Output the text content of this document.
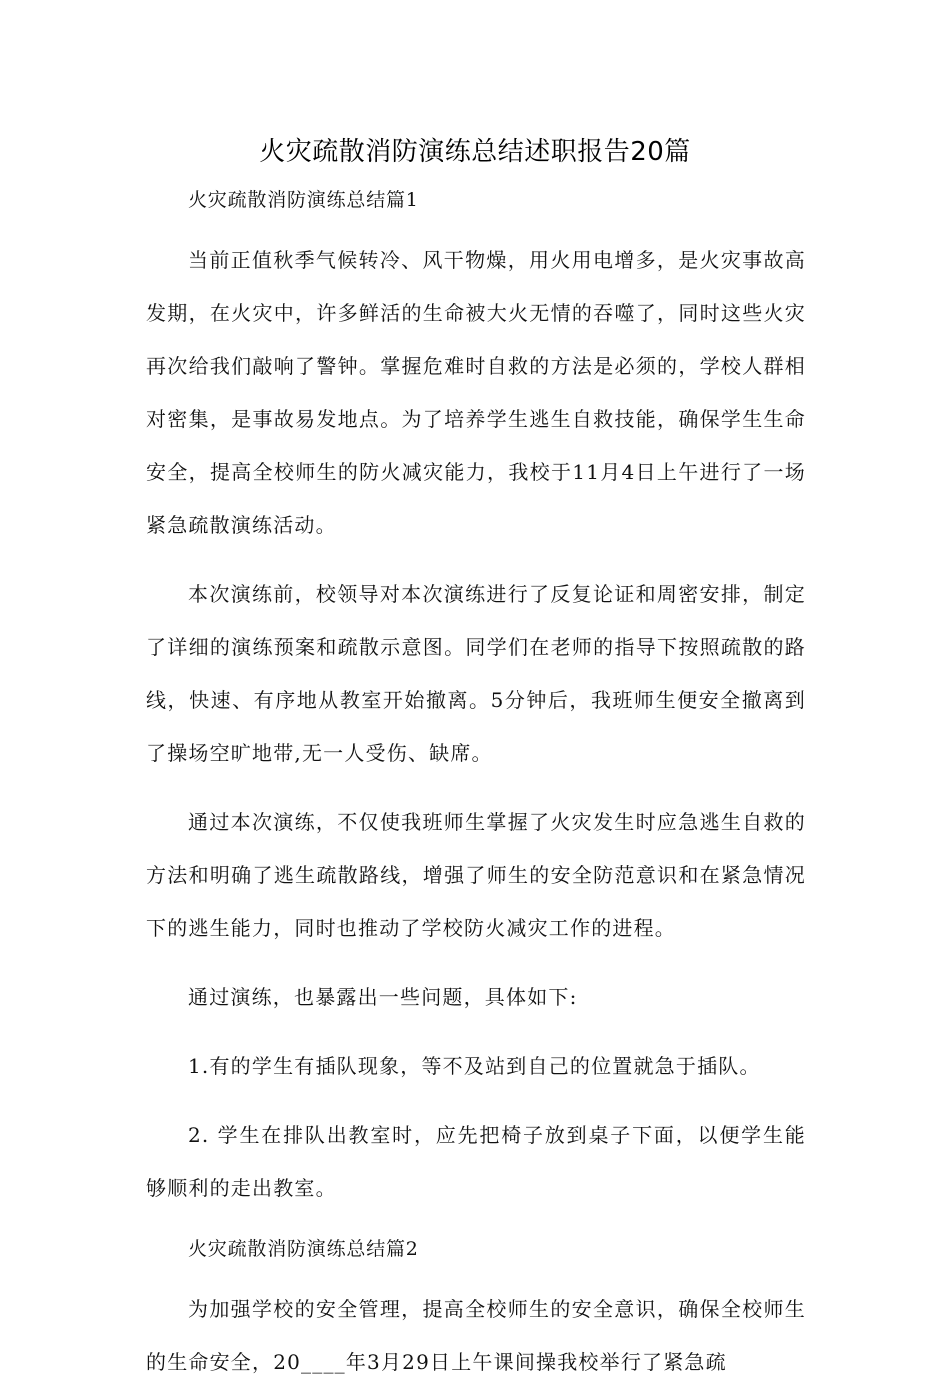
火灾疏散消防演练总结述职报告20篇
火灾疏散消防演练总结篇1

当前正值秋季气候转冷、风干物燥，用火用电增多，是火灾事故高发期，在火灾中，许多鲜活的生命被大火无情的吞噬了，同时这些火灾再次给我们敲响了警钟。掌握危难时自救的方法是必须的，学校人群相对密集，是事故易发地点。为了培养学生逃生自救技能，确保学生生命安全，提高全校师生的防火减灾能力，我校于11月4日上午进行了一场紧急疏散演练活动。

本次演练前，校领导对本次演练进行了反复论证和周密安排，制定了详细的演练预案和疏散示意图。同学们在老师的指导下按照疏散的路线，快速、有序地从教室开始撤离。5分钟后，我班师生便安全撤离到了操场空旷地带,无一人受伤、缺席。

通过本次演练，不仅使我班师生掌握了火灾发生时应急逃生自救的方法和明确了逃生疏散路线，增强了师生的安全防范意识和在紧急情况下的逃生能力，同时也推动了学校防火减灾工作的进程。

通过演练，也暴露出一些问题，具体如下:

1.有的学生有插队现象，等不及站到自己的位置就急于插队。

2. 学生在排队出教室时，应先把椅子放到桌子下面，以便学生能够顺利的走出教室。

火灾疏散消防演练总结篇2

为加强学校的安全管理，提高全校师生的安全意识，确保全校师生的生命安全，20____年3月29日上午课间操我校举行了紧急疏
